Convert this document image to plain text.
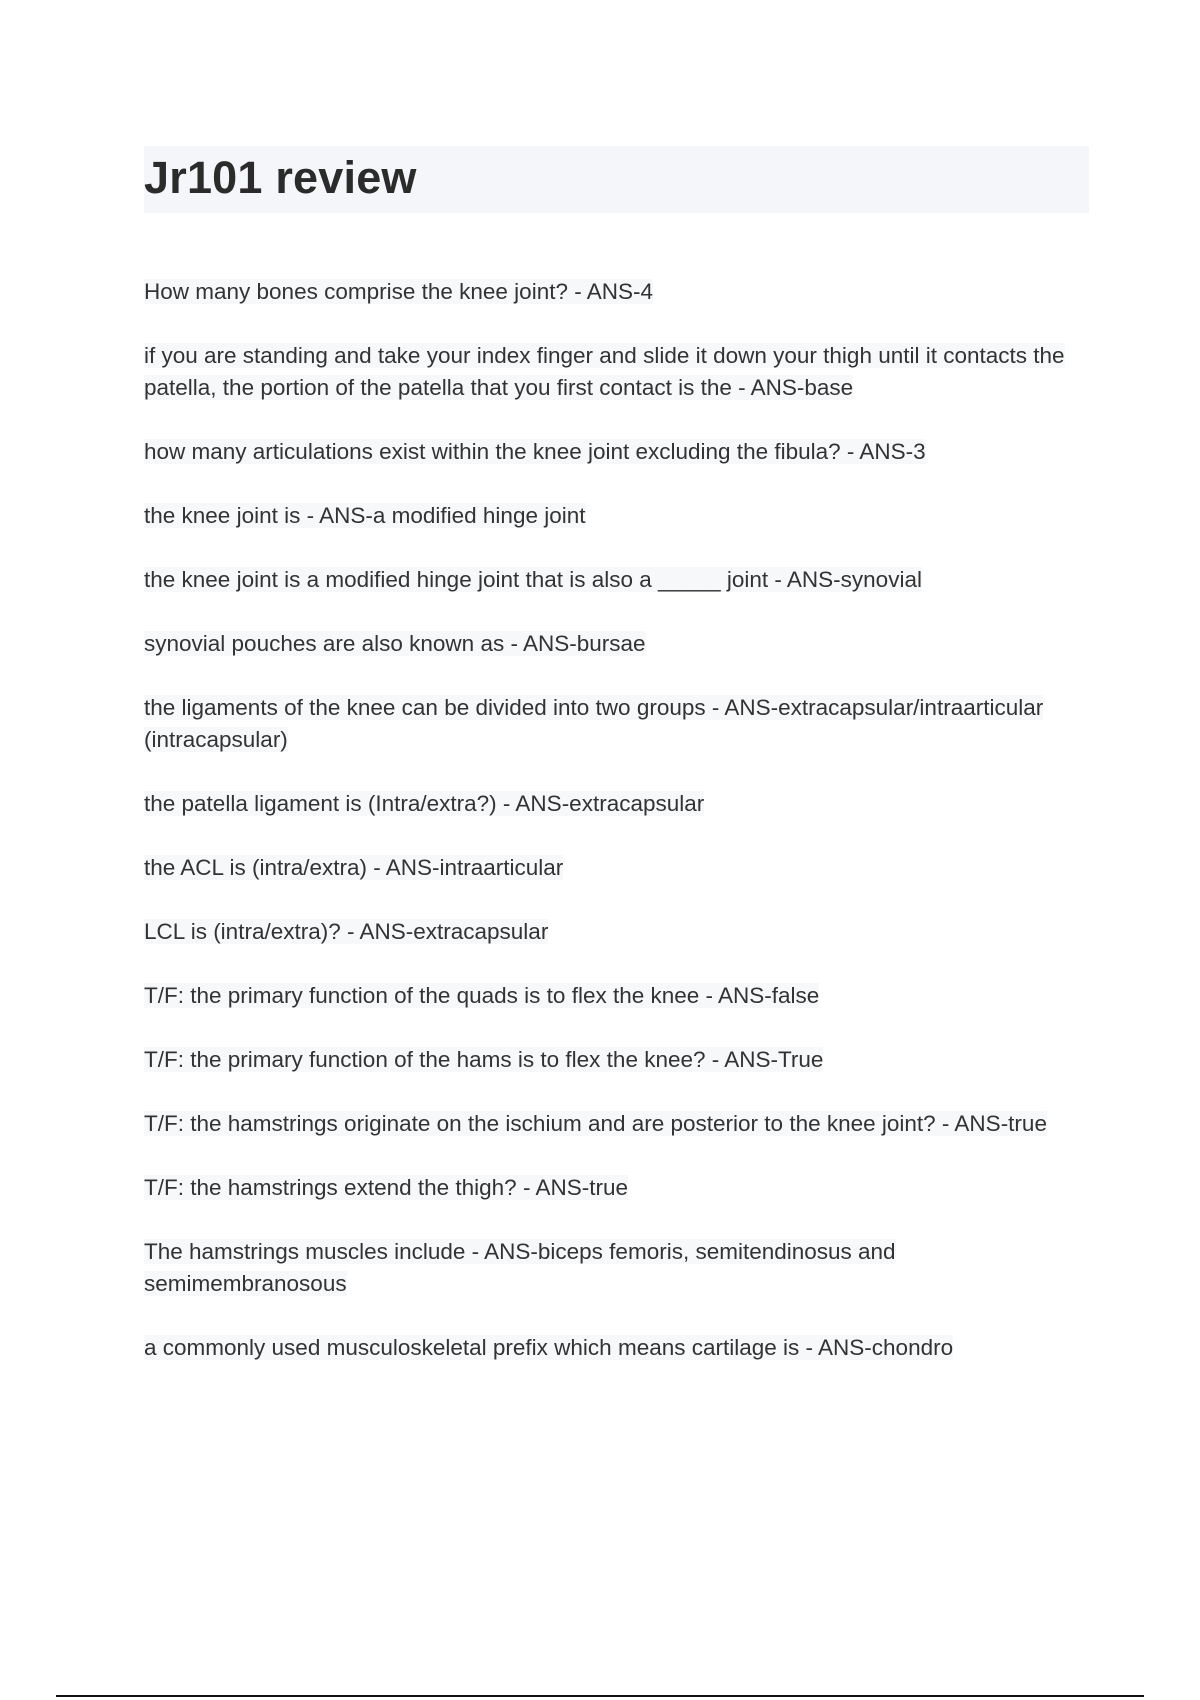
Jr101 review
How many bones comprise the knee joint? - ANS-4
if you are standing and take your index finger and slide it down your thigh until it contacts the patella, the portion of the patella that you first contact is the - ANS-base
how many articulations exist within the knee joint excluding the fibula? - ANS-3
the knee joint is - ANS-a modified hinge joint
the knee joint is a modified hinge joint that is also a _____ joint - ANS-synovial
synovial pouches are also known as - ANS-bursae
the ligaments of the knee can be divided into two groups - ANS-extracapsular/intraarticular (intracapsular)
the patella ligament is (Intra/extra?) - ANS-extracapsular
the ACL is (intra/extra) - ANS-intraarticular
LCL is (intra/extra)? - ANS-extracapsular
T/F: the primary function of the quads is to flex the knee - ANS-false
T/F: the primary function of the hams is to flex the knee? - ANS-True
T/F: the hamstrings originate on the ischium and are posterior to the knee joint? - ANS-true
T/F: the hamstrings extend the thigh? - ANS-true
The hamstrings muscles include - ANS-biceps femoris, semitendinosus and semimembranosous
a commonly used musculoskeletal prefix which means cartilage is - ANS-chondro
